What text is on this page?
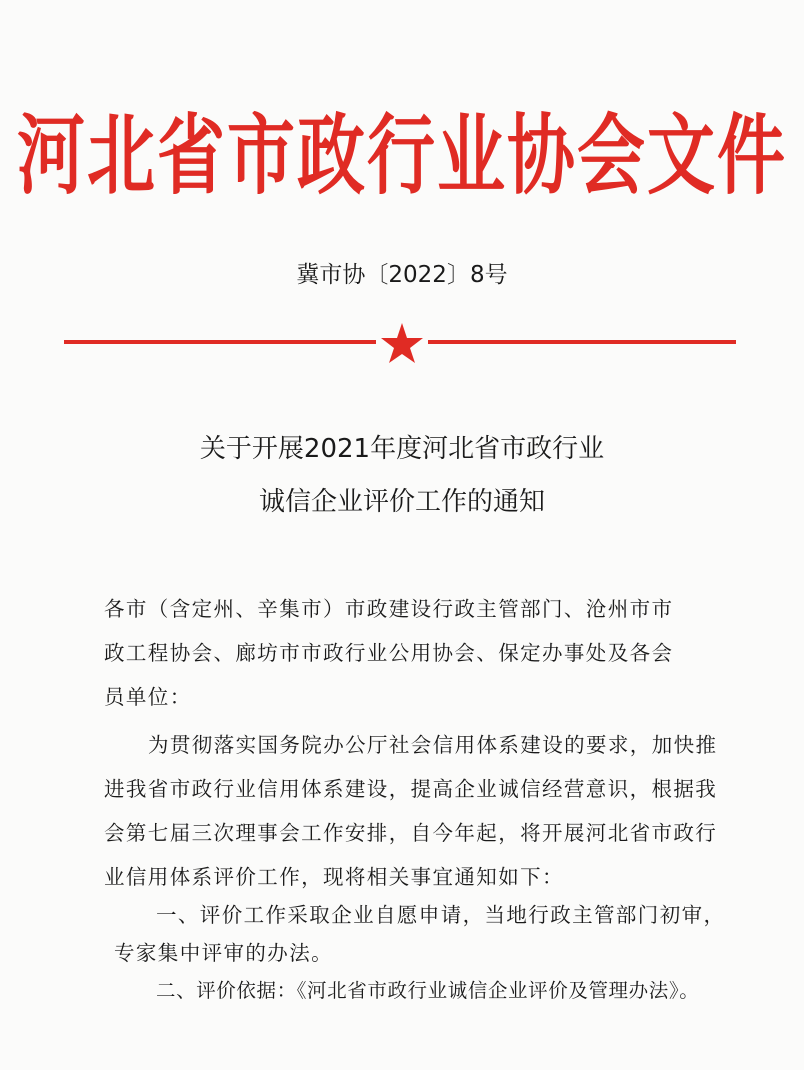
河北省市政行业协会文件
冀市协〔2022〕8号
关于开展2021年度河北省市政行业
诚信企业评价工作的通知
各市（含定州、辛集市）市政建设行政主管部门、沧州市市
政工程协会、廊坊市市政行业公用协会、保定办事处及各会
员单位：
为贯彻落实国务院办公厅社会信用体系建设的要求，加快推
进我省市政行业信用体系建设，提高企业诚信经营意识，根据我
会第七届三次理事会工作安排，自今年起，将开展河北省市政行
业信用体系评价工作，现将相关事宜通知如下：
一、评价工作采取企业自愿申请，当地行政主管部门初审，
专家集中评审的办法。
二、评价依据：《河北省市政行业诚信企业评价及管理办法》。
